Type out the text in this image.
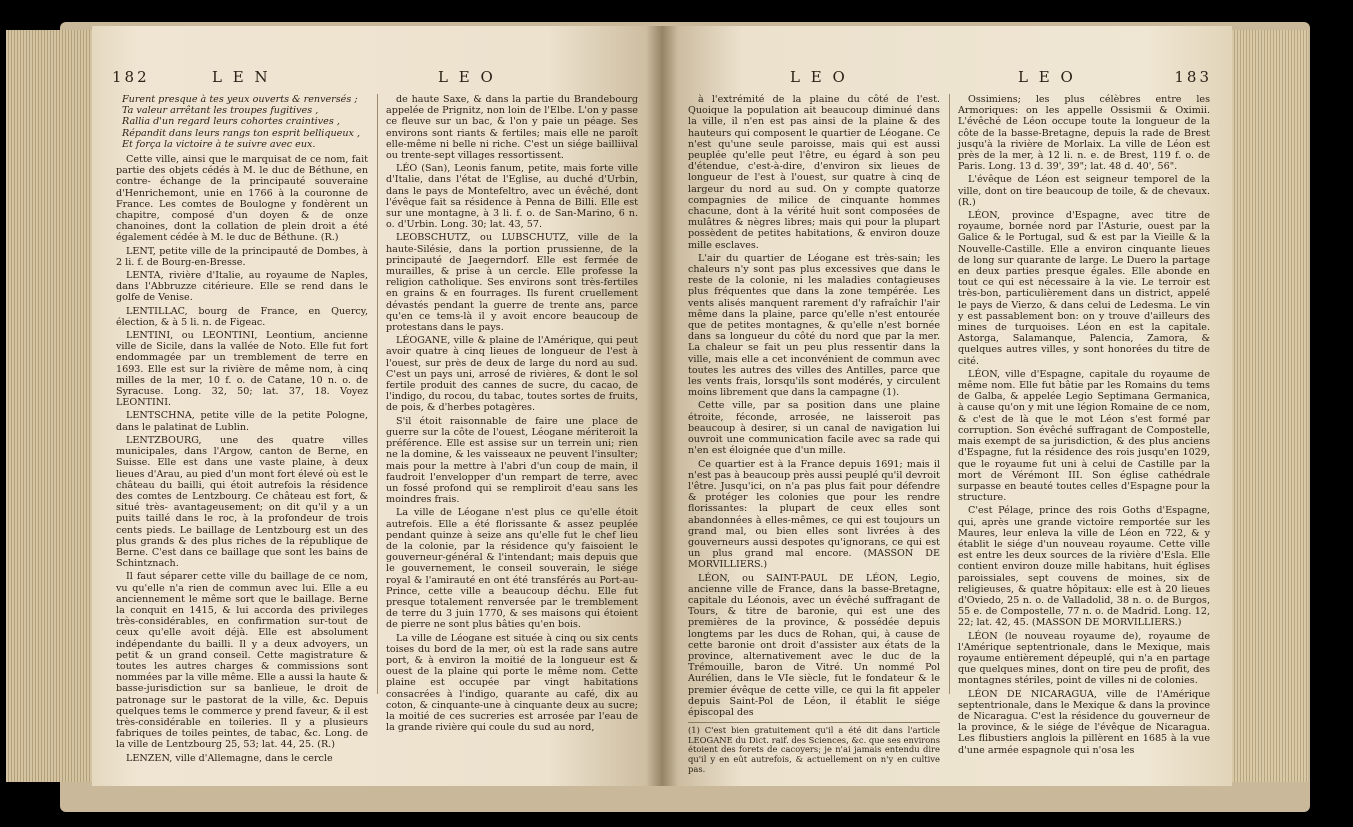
182	L E N	L E O
Furent presque à tes yeux ouverts & renversés ;
Ta valeur arrêtant les troupes fugitives ,
Rallia d'un regard leurs cohortes craintives ,
Répandit dans leurs rangs ton esprit belliqueux ,
Et força la victoire à te suivre avec eux.

Cette ville, ainsi que le marquisat de ce nom, fait partie des objets cédés à M. le duc de Béthune, en contre- échange de la principauté souveraine d'Henrichemont, unie en 1766 à la couronne de France. Les comtes de Boulogne y fondèrent un chapitre, composé d'un doyen & de onze chanoines, dont la collation de plein droit a été également cédée à M. le duc de Béthune. (R.)

LENT, petite ville de la principauté de Dombes, à 2 li. f. de Bourg-en-Bresse.

LENTA, rivière d'Italie, au royaume de Naples, dans l'Abbruzze citérieure. Elle se rend dans le golfe de Venise.

LENTILLAC, bourg de France, en Quercy, élection, & à 5 li. n. de Figeac.

LENTINI, ou LEONTINI, Leontium, ancienne ville de Sicile, dans la vallée de Noto. Elle fut fort endommagée par un tremblement de terre en 1693. Elle est sur la rivière de même nom, à cinq milles de la mer, 10 f. o. de Catane, 10 n. o. de Syracuse. Long. 32, 50; lat. 37, 18. Voyez LEONTINI.

LENTSCHNA, petite ville de la petite Pologne, dans le palatinat de Lublin.

LENTZBOURG, une des quatre villes municipales, dans l'Argow, canton de Berne, en Suisse. Elle est dans une vaste plaine, à deux lieues d'Arau, au pied d'un mont fort élevé où est le château du bailli, qui étoit autrefois la résidence des comtes de Lentzbourg. Ce château est fort, & situé très- avantageusement; on dit qu'il y a un puits taillé dans le roc, à la profondeur de trois cents pieds. Le baillage de Lentzbourg est un des plus grands & des plus riches de la république de Berne. C'est dans ce baillage que sont les bains de Schintznach.

Il faut séparer cette ville du baillage de ce nom, vu qu'elle n'a rien de commun avec lui. Elle a eu anciennement le même sort que le baillage. Berne la conquit en 1415, & lui accorda des privileges très-considérables, en confirmation sur-tout de ceux qu'elle avoit déjà. Elle est absolument indépendante du bailli. Il y a deux advoyers, un petit & un grand conseil. Cette magistrature & toutes les autres charges & commissions sont nommées par la ville même. Elle a aussi la haute & basse-jurisdiction sur sa banlieue, le droit de patronage sur le pastorat de la ville, &c. Depuis quelques tems le commerce y prend faveur, & il est très-considérable en toileries. Il y a plusieurs fabriques de toiles peintes, de tabac, &c. Long. de la ville de Lentzbourg 25, 53; lat. 44, 25. (R.)

LENZEN, ville d'Allemagne, dans le cercle

de haute Saxe, & dans la partie du Brandebourg appelée de Prignitz, non loin de l'Elbe. L'on y passe ce fleuve sur un bac, & l'on y paie un péage. Ses environs sont riants & fertiles; mais elle ne paroît elle-même ni belle ni riche. C'est un siége bailliival ou trente-sept villages ressortissent.

LÉO (San), Leonis fanum, petite, mais forte ville d'Italie, dans l'état de l'Eglise, au duché d'Urbin, dans le pays de Montefeltro, avec un évêché, dont l'évêque fait sa résidence à Penna de Billi. Elle est sur une montagne, à 3 li. f. o. de San-Marino, 6 n. o. d'Urbin. Long. 30; lat. 43, 57.

LEOBSCHUTZ, ou LUBSCHUTZ, ville de la haute-Silésie, dans la portion prussienne, de la principauté de Jaegerndorf. Elle est fermée de murailles, & prise à un cercle. Elle professe la religion catholique. Ses environs sont très-fertiles en grains & en fourrages. Ils furent cruellement dévastés pendant la guerre de trente ans, parce qu'en ce tems-là il y avoit encore beaucoup de protestans dans le pays.

LÉOGANE, ville & plaine de l'Amérique, qui peut avoir quatre à cinq lieues de longueur de l'est à l'ouest, sur près de deux de large du nord au sud. C'est un pays uni, arrosé de rivières, & dont le sol fertile produit des cannes de sucre, du cacao, de l'indigo, du rocou, du tabac, toutes sortes de fruits, de pois, & d'herbes potagères.

S'il étoit raisonnable de faire une place de guerre sur la côte de l'ouest, Léogane mériteroit la préférence. Elle est assise sur un terrein uni; rien ne la domine, & les vaisseaux ne peuvent l'insulter; mais pour la mettre à l'abri d'un coup de main, il faudroit l'envelopper d'un rempart de terre, avec un fossé profond qui se rempliroit d'eau sans les moindres frais.

La ville de Léogane n'est plus ce qu'elle étoit autrefois. Elle a été florissante & assez peuplée pendant quinze à seize ans qu'elle fut le chef lieu de la colonie, par la résidence qu'y faisoient le gouverneur-général & l'intendant; mais depuis que le gouvernement, le conseil souverain, le siége royal & l'amirauté en ont été transférés au Port-au-Prince, cette ville a beaucoup déchu. Elle fut presque totalement renversée par le tremblement de terre du 3 juin 1770, & ses maisons qui étoient de pierre ne sont plus bâties qu'en bois.

La ville de Léogane est située à cinq ou six cents toises du bord de la mer, où est la rade sans autre port, & à environ la moitié de la longueur est & ouest de la plaine qui porte le même nom. Cette plaine est occupée par vingt habitations consacrées à l'indigo, quarante au café, dix au coton, & cinquante-une à cinquante deux au sucre; la moitié de ces sucreries est arrosée par l'eau de la grande rivière qui coule du sud au nord,

L E O	L E O	183

à l'extrémité de la plaine du côté de l'est. Quoique la population ait beaucoup diminué dans la ville, il n'en est pas ainsi de la plaine & des hauteurs qui composent le quartier de Léogane. Ce n'est qu'une seule paroisse, mais qui est aussi peuplée qu'elle peut l'être, eu égard à son peu d'étendue, c'est-à-dire, d'environ six lieues de longueur de l'est à l'ouest, sur quatre à cinq de largeur du nord au sud. On y compte quatorze compagnies de milice de cinquante hommes chacune, dont à la vérité huit sont composées de mulâtres & nègres libres; mais qui pour la plupart possèdent de petites habitations, & environ douze mille esclaves.

L'air du quartier de Léogane est très-sain; les chaleurs n'y sont pas plus excessives que dans le reste de la colonie, ni les maladies contagieuses plus fréquentes que dans la zone tempérée. Les vents alisés manquent rarement d'y rafraîchir l'air même dans la plaine, parce qu'elle n'est entourée que de petites montagnes, & qu'elle n'est bornée dans sa longueur du côté du nord que par la mer. La chaleur se fait un peu plus ressentir dans la ville, mais elle a cet inconvénient de commun avec toutes les autres des villes des Antilles, parce que les vents frais, lorsqu'ils sont modérés, y circulent moins librement que dans la campagne (1).

Cette ville, par sa position dans une plaine étroite, féconde, arrosée, ne laisseroit pas beaucoup à desirer, si un canal de navigation lui ouvroit une communication facile avec sa rade qui n'en est éloignée que d'un mille.

Ce quartier est à la France depuis 1691; mais il n'est pas à beaucoup près aussi peuplé qu'il devroit l'être. Jusqu'ici, on n'a pas plus fait pour défendre & protéger les colonies que pour les rendre florissantes: la plupart de ceux elles sont abandonnées à elles-mêmes, ce qui est toujours un grand mal, ou bien elles sont livrées à des gouverneurs aussi despotes qu'ignorans, ce qui est un plus grand mal encore. (MASSON DE MORVILLIERS.)

LÉON, ou SAINT-PAUL DE LÉON, Legio, ancienne ville de France, dans la basse-Bretagne, capitale du Léonois, avec un évêché suffragant de Tours, & titre de baronie, qui est une des premières de la province, & possédée depuis longtems par les ducs de Rohan, qui, à cause de cette baronie ont droit d'assister aux états de la province, alternativement avec le duc de la Trémouille, baron de Vitré. Un nommé Pol Aurélien, dans le VIe siècle, fut le fondateur & le premier évêque de cette ville, ce qui la fit appeler depuis Saint-Pol de Léon, il établit le siége épiscopal des

(1) C'est bien gratuitement qu'il a été dit dans l'article LEOGANE du Dict. raif. des Sciences, &c. que ses environs étoient des forets de cacoyers; je n'ai jamais entendu dire qu'il y en eût autrefois, & actuellement on n'y en cultive pas.

Ossimiens; les plus célèbres entre les Armoriques: on les appelle Ossismii & Oximii. L'évêché de Léon occupe toute la longueur de la côte de la basse-Bretagne, depuis la rade de Brest jusqu'à la rivière de Morlaix. La ville de Léon est près de la mer, à 12 li. n. e. de Brest, 119 f. o. de Paris. Long. 13 d. 39', 39"; lat. 48 d. 40', 56".

L'évêque de Léon est seigneur temporel de la ville, dont on tire beaucoup de toile, & de chevaux. (R.)

LÉON, province d'Espagne, avec titre de royaume, bornée nord par l'Asturie, ouest par la Galice & le Portugal, sud & est par la Vieille & la Nouvelle-Castille. Elle a environ cinquante lieues de long sur quarante de large. Le Duero la partage en deux parties presque égales. Elle abonde en tout ce qui est nécessaire à la vie. Le terroir est très-bon, particulièrement dans un district, appelé le pays de Vierzo, & dans celui de Ledesma. Le vin y est passablement bon: on y trouve d'ailleurs des mines de turquoises. Léon en est la capitale. Astorga, Salamanque, Palencia, Zamora, & quelques autres villes, y sont honorées du titre de cité.

LÉON, ville d'Espagne, capitale du royaume de même nom. Elle fut bâtie par les Romains du tems de Galba, & appelée Legio Septimana Germanica, à cause qu'on y mit une légion Romaine de ce nom, & c'est de là que le mot Léon s'est formé par corruption. Son évêché suffragant de Compostelle, mais exempt de sa jurisdiction, & des plus anciens d'Espagne, fut la résidence des rois jusqu'en 1029, que le royaume fut uni à celui de Castille par la mort de Vérémont III. Son église cathédrale surpasse en beauté toutes celles d'Espagne pour la structure.

C'est Pélage, prince des rois Goths d'Espagne, qui, après une grande victoire remportée sur les Maures, leur enleva la ville de Léon en 722, & y établit le siége d'un nouveau royaume. Cette ville est entre les deux sources de la rivière d'Esla. Elle contient environ douze mille habitans, huit églises paroissiales, sept couvens de moines, six de religieuses, & quatre hôpitaux: elle est à 20 lieues d'Oviedo, 25 n. o. de Valladolid, 38 n. o. de Burgos, 55 e. de Compostelle, 77 n. o. de Madrid. Long. 12, 22; lat. 42, 45. (MASSON DE MORVILLIERS.)

LÉON (le nouveau royaume de), royaume de l'Amérique septentrionale, dans le Mexique, mais royaume entièrement dépeuplé, qui n'a en partage que quelques mines, dont on tire peu de profit, des montagnes stériles, point de villes ni de colonies.

LÉON DE NICARAGUA, ville de l'Amérique septentrionale, dans le Mexique & dans la province de Nicaragua. C'est la résidence du gouverneur de la province, & le siége de l'évêque de Nicaragua. Les flibustiers anglois la pillèrent en 1685 à la vue d'une armée espagnole qui n'osa les
